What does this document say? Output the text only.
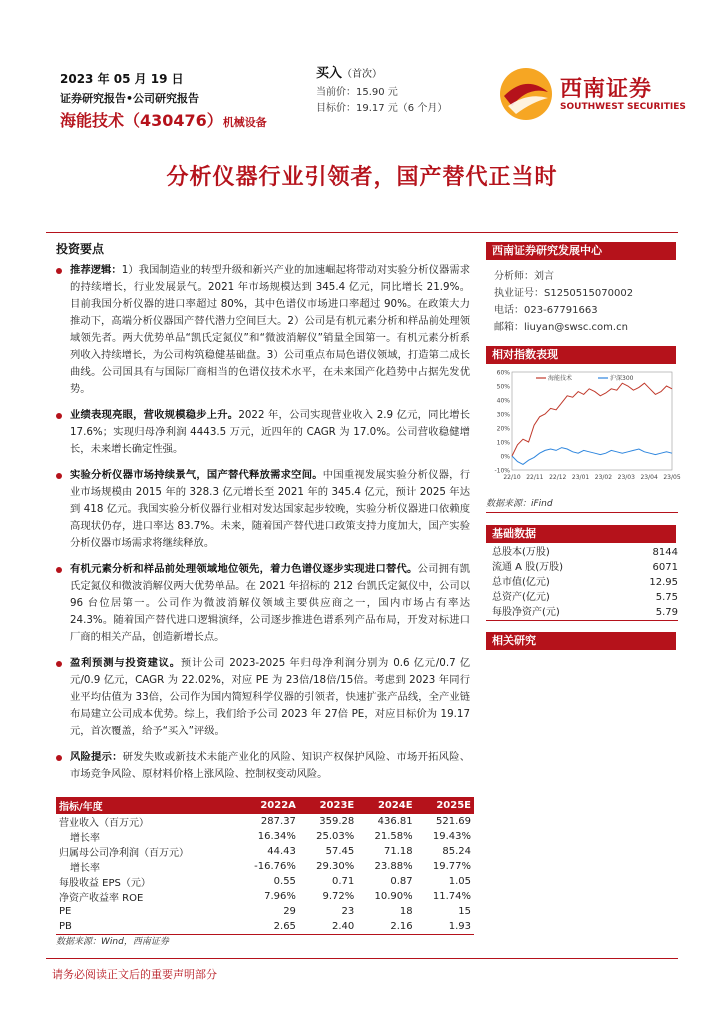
2023 年 05 月 19 日
证券研究报告•公司研究报告
海能技术（430476）机械设备
买入（首次）
当前价：15.90 元
目标价：19.17 元（6 个月）
西南证券
SOUTHWEST SECURITIES
分析仪器行业引领者，国产替代正当时
投资要点
推荐逻辑：1）我国制造业的转型升级和新兴产业的加速崛起将带动对实验分析仪器需求的持续增长，行业发展景气。2021 年市场规模达到 345.4 亿元，同比增长 21.9%。目前我国分析仪器的进口率超过 80%，其中色谱仪市场进口率超过 90%。在政策大力推动下，高端分析仪器国产替代潜力空间巨大。2）公司是有机元素分析和样品前处理领域领先者。两大优势单品“凯氏定氮仪”和“微波消解仪”销量全国第一。有机元素分析系列收入持续增长，为公司构筑稳健基础盘。3）公司重点布局色谱仪领域，打造第二成长曲线。公司国具有与国际厂商相当的色谱仪技术水平，在未来国产化趋势中占据先发优势。
业绩表现亮眼，营收规模稳步上升。2022 年，公司实现营业收入 2.9 亿元，同比增长 17.6%；实现归母净利润 4443.5 万元，近四年的 CAGR 为 17.0%。公司营收稳健增长，未来增长确定性强。
实验分析仪器市场持续景气，国产替代释放需求空间。中国重视发展实验分析仪器，行业市场规模由 2015 年的 328.3 亿元增长至 2021 年的 345.4 亿元，预计 2025 年达到 418 亿元。我国实验分析仪器行业相对发达国家起步较晚，实验分析仪器进口依赖度高现状仍存，进口率达 83.7%。未来，随着国产替代进口政策支持力度加大，国产实验分析仪器市场需求将继续释放。
有机元素分析和样品前处理领域地位领先，着力色谱仪逐步实现进口替代。公司拥有凯氏定氮仪和微波消解仪两大优势单品。在 2021 年招标的 212 台凯氏定氮仪中，公司以 96 台位居第一。公司作为微波消解仪领域主要供应商之一，国内市场占有率达 24.3%。随着国产替代进口逻辑演绎，公司逐步推进色谱系列产品布局，开发对标进口厂商的相关产品，创造新增长点。
盈利预测与投资建议。预计公司 2023-2025 年归母净利润分别为 0.6 亿元/0.7 亿元/0.9 亿元，CAGR 为 22.02%，对应 PE 为 23倍/18倍/15倍。考虑到 2023 年同行业平均估值为 33倍，公司作为国内简短科学仪器的引领者，快速扩张产品线，全产业链布局建立公司成本优势。综上，我们给予公司 2023 年 27倍 PE，对应目标价为 19.17 元，首次覆盖，给予“买入”评级。
风险提示：研发失败或新技术未能产业化的风险、知识产权保护风险、市场开拓风险、市场竞争风险、原材料价格上涨风险、控制权变动风险。
西南证券研究发展中心
分析师：刘言
执业证号：S1250515070002
电话：023-67791663
邮箱：liuyan@swsc.com.cn
相对指数表现
-10%
0%
10%
20%
30%
40%
50%
60%
22/10 22/11 22/12 23/01 23/02 23/03 23/04 23/05
海能技术	沪深300
数据来源：iFind
基础数据
总股本(万股)	8144
流通 A 股(万股)	6071
总市值(亿元)	12.95
总资产(亿元)	5.75
每股净资产(元)	5.79
相关研究
指标/年度	2022A	2023E	2024E	2025E
营业收入（百万元）	287.37	359.28	436.81	521.69
增长率	16.34%	25.03%	21.58%	19.43%
归属母公司净利润（百万元）	44.43	57.45	71.18	85.24
增长率	-16.76%	29.30%	23.88%	19.77%
每股收益 EPS（元）	0.55	0.71	0.87	1.05
净资产收益率 ROE	7.96%	9.72%	10.90%	11.74%
PE	29	23	18	15
PB	2.65	2.40	2.16	1.93
数据来源：Wind，西南证券
请务必阅读正文后的重要声明部分
